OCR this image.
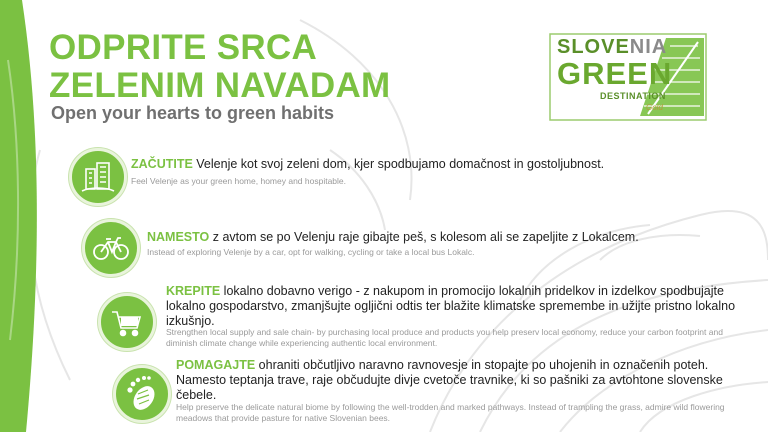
ODPRITE SRCA
ZELENIM NAVADAM
Open your hearts to green habits
SLOVENIA
GREEN
DESTINATION
Gold
ZAČUTITE Velenje kot svoj zeleni dom, kjer spodbujamo domačnost in gostoljubnost.
Feel Velenje as your green home, homey and hospitable.
NAMESTO z avtom se po Velenju raje gibajte peš, s kolesom ali se zapeljite z Lokalcem.
Instead of exploring Velenje by a car, opt for walking, cycling or take a local bus Lokalc.
KREPITE lokalno dobavno verigo - z nakupom in promocijo lokalnih pridelkov in izdelkov spodbujajte lokalno gospodarstvo, zmanjšujte ogljični odtis ter blažite klimatske spremembe in užijte pristno lokalno izkušnjo.
Strengthen local supply and sale chain- by purchasing local produce and products you help preserv local economy, reduce your carbon footprint and diminish climate change while experiencing authentic local environment.
POMAGAJTE ohraniti občutljivo naravno ravnovesje in stopajte po uhojenih in označenih poteh. Namesto teptanja trave, raje občudujte divje cvetoče travnike, ki so pašniki za avtohtone slovenske čebele.
Help preserve the delicate natural biome by following the well-trodden and marked pathways. Instead of trampling the grass, admire wild flowering meadows that provide pasture for native Slovenian bees.
